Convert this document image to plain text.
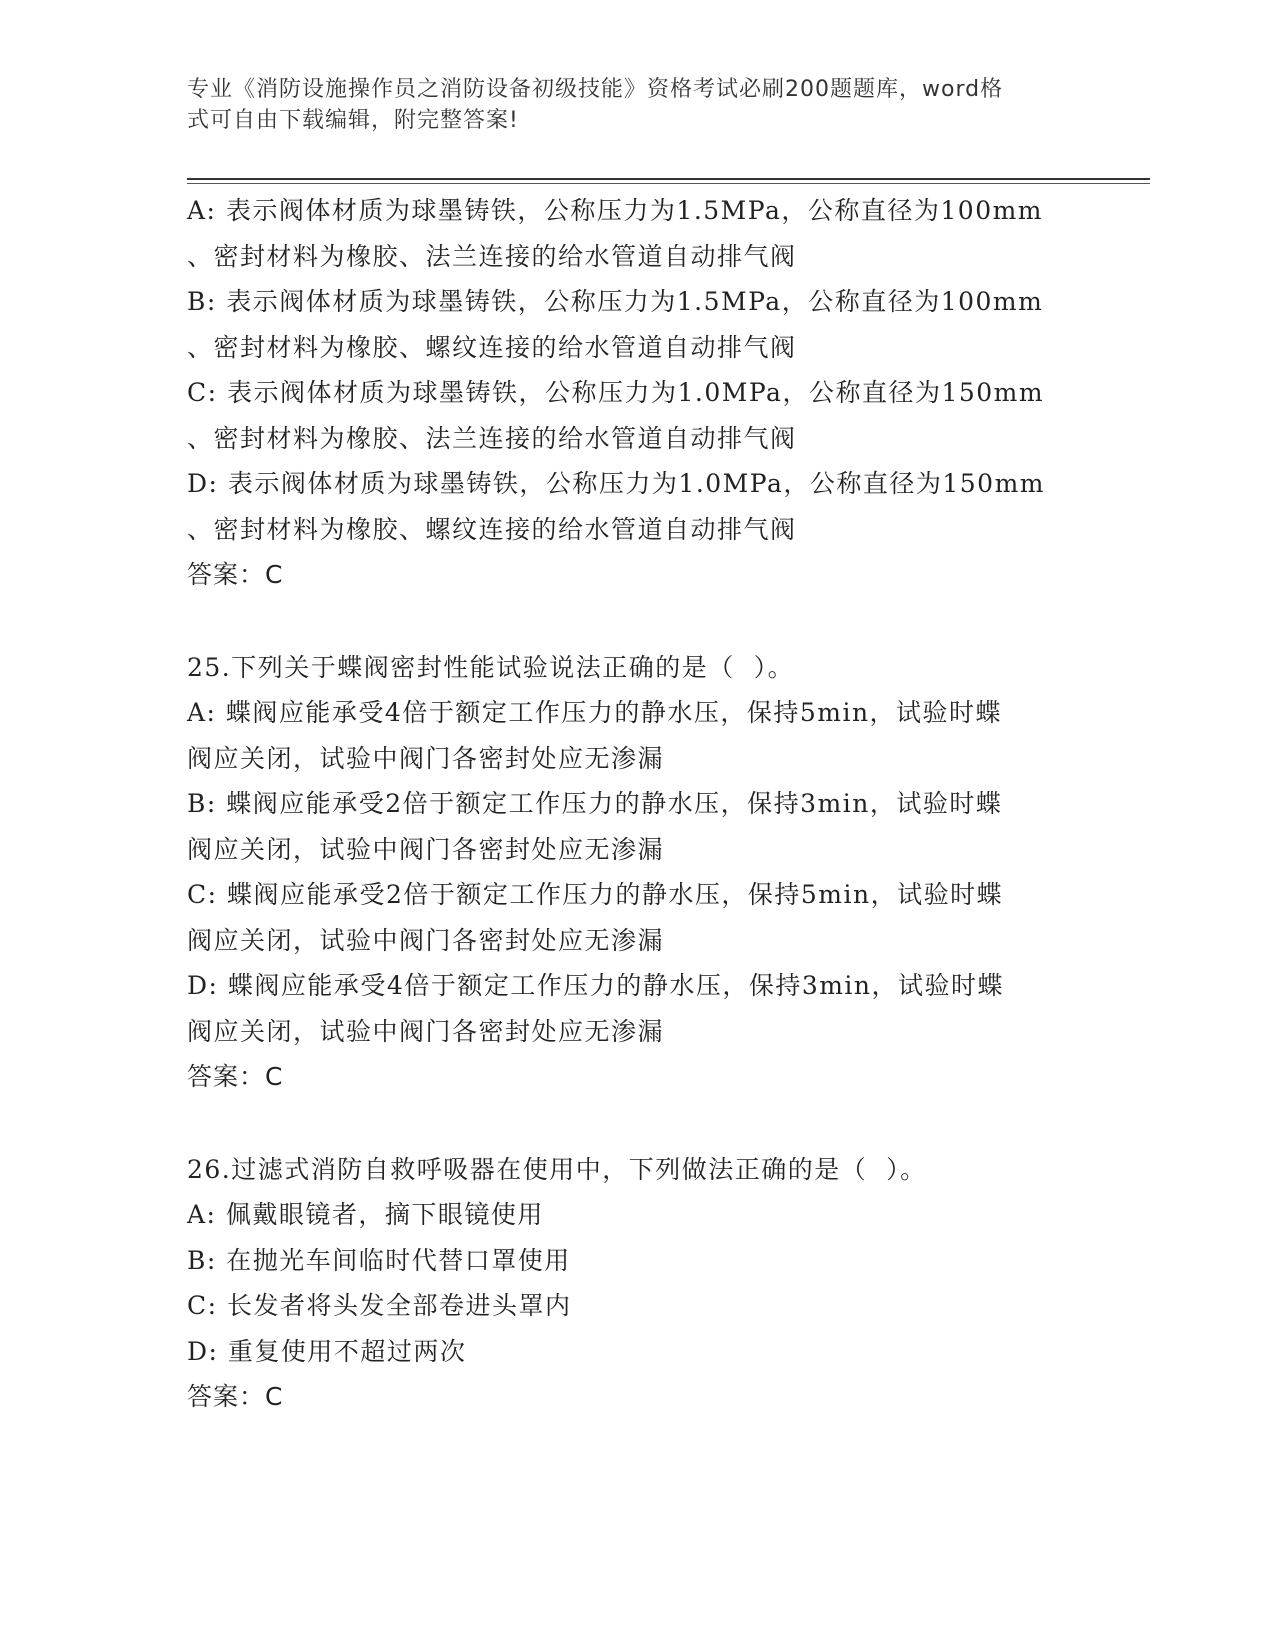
专业《消防设施操作员之消防设备初级技能》资格考试必刷200题题库，word格
式可自由下载编辑，附完整答案!

A: 表示阀体材质为球墨铸铁，公称压力为1.5MPa，公称直径为100mm

、密封材料为橡胶、法兰连接的给水管道自动排气阀

B: 表示阀体材质为球墨铸铁，公称压力为1.5MPa，公称直径为100mm

、密封材料为橡胶、螺纹连接的给水管道自动排气阀

C: 表示阀体材质为球墨铸铁，公称压力为1.0MPa，公称直径为150mm

、密封材料为橡胶、法兰连接的给水管道自动排气阀

D: 表示阀体材质为球墨铸铁，公称压力为1.0MPa，公称直径为150mm

、密封材料为橡胶、螺纹连接的给水管道自动排气阀

答案：C

25.下列关于蝶阀密封性能试验说法正确的是（  ）。

A: 蝶阀应能承受4倍于额定工作压力的静水压，保持5min，试验时蝶

阀应关闭，试验中阀门各密封处应无渗漏

B: 蝶阀应能承受2倍于额定工作压力的静水压，保持3min，试验时蝶

阀应关闭，试验中阀门各密封处应无渗漏

C: 蝶阀应能承受2倍于额定工作压力的静水压，保持5min，试验时蝶

阀应关闭，试验中阀门各密封处应无渗漏

D: 蝶阀应能承受4倍于额定工作压力的静水压，保持3min，试验时蝶

阀应关闭，试验中阀门各密封处应无渗漏

答案：C

26.过滤式消防自救呼吸器在使用中，下列做法正确的是（  ）。

A: 佩戴眼镜者，摘下眼镜使用

B: 在抛光车间临时代替口罩使用

C: 长发者将头发全部卷进头罩内

D: 重复使用不超过两次

答案：C
